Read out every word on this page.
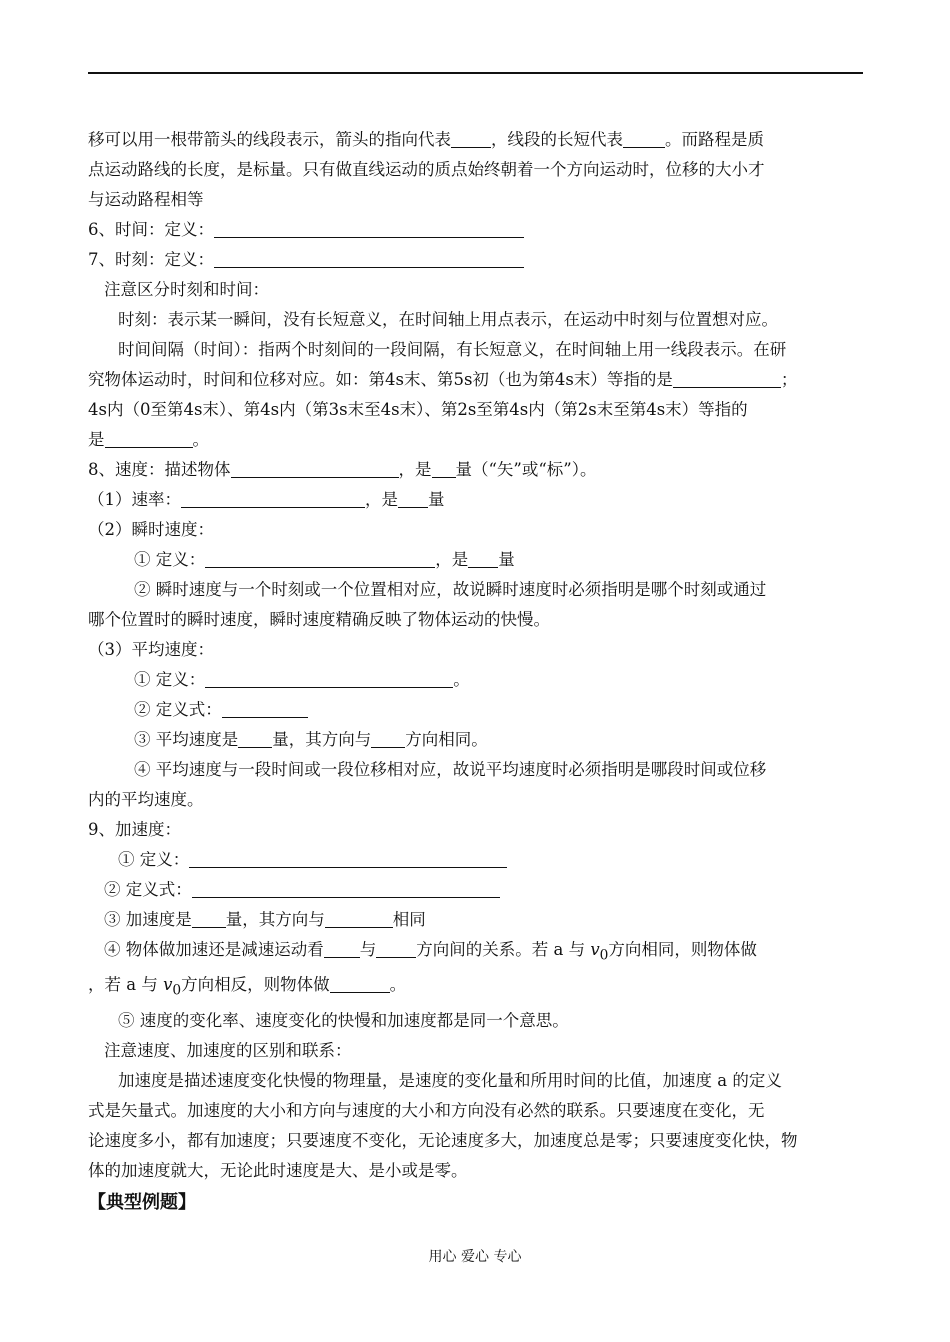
移可以用一根带箭头的线段表示，箭头的指向代表 ，线段的长短代表	。而路程是质
点运动路线的长度，是标量。只有做直线运动的质点始终朝着一个方向运动时，位移的大小才
与运动路程相等
6、时间：定义：
7、时刻：定义：
注意区分时刻和时间：
时刻：表示某一瞬间，没有长短意义，在时间轴上用点表示，在运动中时刻与位置想对应。
时间间隔（时间）：指两个时刻间的一段间隔，有长短意义，在时间轴上用一线段表示。在研
究物体运动时，时间和位移对应。如：第4s末、第5s初（也为第4s末）等指的是	；
4s内（0至第4s末）、第4s内（第3s末至4s末）、第2s至第4s内（第2s末至第4s末）等指的
是	。
8、速度：描述物体	，是 量（“矢”或“标”）。
（1）速率：	，是 量
（2）瞬时速度：
① 定义：	，是 量
② 瞬时速度与一个时刻或一个位置相对应，故说瞬时速度时必须指明是哪个时刻或通过
哪个位置时的瞬时速度，瞬时速度精确反映了物体运动的快慢。
（3）平均速度：
① 定义：	。
② 定义式：
③ 平均速度是 量，其方向与 方向相同。
④ 平均速度与一段时间或一段位移相对应，故说平均速度时必须指明是哪段时间或位移
内的平均速度。
9、加速度：
① 定义：
② 定义式：
③ 加速度是 量，其方向与	相同
④ 物体做加速还是减速运动看 与 方向间的关系。若 a 与 $v_0$方向相同，则物体做
，若 a 与 $v_0$方向相反，则物体做	。
⑤ 速度的变化率、速度变化的快慢和加速度都是同一个意思。
注意速度、加速度的区别和联系：
加速度是描述速度变化快慢的物理量，是速度的变化量和所用时间的比值，加速度 a 的定义
式是矢量式。加速度的大小和方向与速度的大小和方向没有必然的联系。只要速度在变化，无
论速度多小，都有加速度；只要速度不变化，无论速度多大，加速度总是零；只要速度变化快，物
体的加速度就大，无论此时速度是大、是小或是零。
【典型例题】
用心 爱心 专心
